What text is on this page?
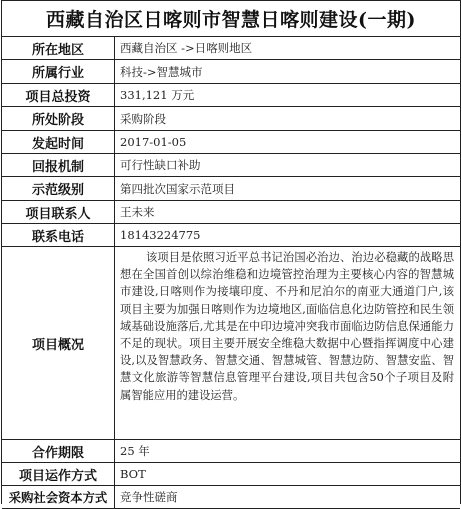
西藏自治区日喀则市智慧日喀则建设(一期)
所在地区	西藏自治区 ->日喀则地区
所属行业	科技->智慧城市
项目总投资	331,121 万元
所处阶段	采购阶段
发起时间	2017-01-05
回报机制	可行性缺口补助
示范级别	第四批次国家示范项目
项目联系人	王未来
联系电话	18143224775
项目概况	该项目是依照习近平总书记治国必治边、治边必稳藏的战略思想在全国首创以综治维稳和边境管控治理为主要核心内容的智慧城市建设,日喀则作为接壤印度、不丹和尼泊尔的南亚大通道门户,该项目主要为加强日喀则作为边境地区,面临信息化边防管控和民生领域基础设施落后,尤其是在中印边境冲突我市面临边防信息保通能力不足的现状。项目主要开展安全维稳大数据中心暨指挥调度中心建设,以及智慧政务、智慧交通、智慧城管、智慧边防、智慧安监、智慧文化旅游等智慧信息管理平台建设,项目共包含50个子项目及附属智能应用的建设运营。
合作期限	25 年
项目运作方式	BOT
采购社会资本方式	竞争性磋商
